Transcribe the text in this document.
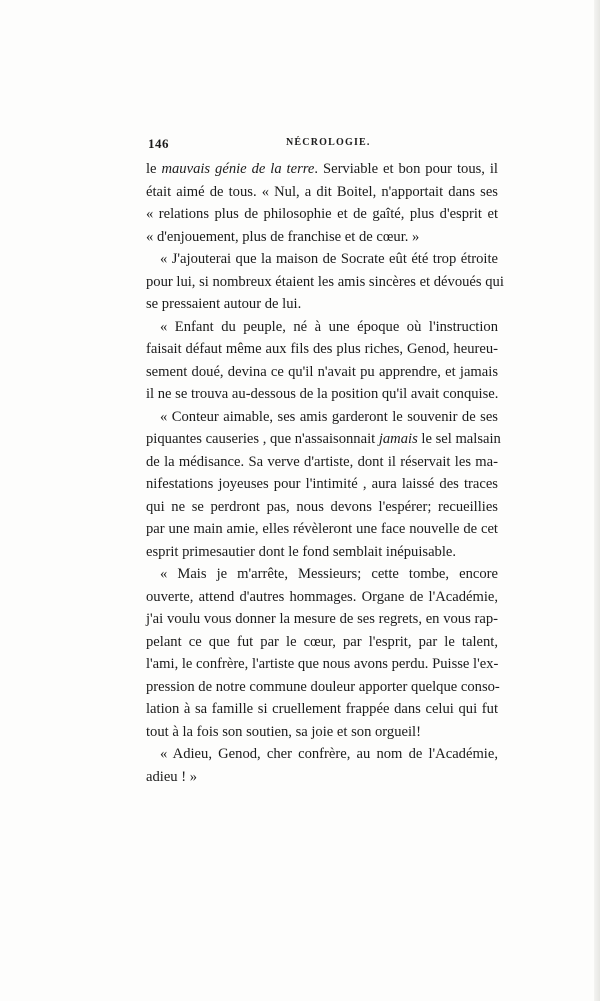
146	NÉCROLOGIE.
le mauvais génie de la terre. Serviable et bon pour tous, il
était aimé de tous. « Nul, a dit Boitel, n'apportait dans ses
« relations plus de philosophie et de gaîté, plus d'esprit et
« d'enjouement, plus de franchise et de cœur. »
« J'ajouterai que la maison de Socrate eût été trop étroite
pour lui, si nombreux étaient les amis sincères et dévoués qui
se pressaient autour de lui.
« Enfant du peuple, né à une époque où l'instruction
faisait défaut même aux fils des plus riches, Genod, heureu-
sement doué, devina ce qu'il n'avait pu apprendre, et jamais
il ne se trouva au-dessous de la position qu'il avait conquise.
« Conteur aimable, ses amis garderont le souvenir de ses
piquantes causeries , que n'assaisonnait jamais le sel malsain
de la médisance. Sa verve d'artiste, dont il réservait les ma-
nifestations joyeuses pour l'intimité , aura laissé des traces
qui ne se perdront pas, nous devons l'espérer; recueillies
par une main amie, elles révèleront une face nouvelle de cet
esprit primesautier dont le fond semblait inépuisable.
« Mais je m'arrête, Messieurs; cette tombe, encore
ouverte, attend d'autres hommages. Organe de l'Académie,
j'ai voulu vous donner la mesure de ses regrets, en vous rap-
pelant ce que fut par le cœur, par l'esprit, par le talent,
l'ami, le confrère, l'artiste que nous avons perdu. Puisse l'ex-
pression de notre commune douleur apporter quelque conso-
lation à sa famille si cruellement frappée dans celui qui fut
tout à la fois son soutien, sa joie et son orgueil!
« Adieu, Genod, cher confrère, au nom de l'Académie,
adieu ! »
